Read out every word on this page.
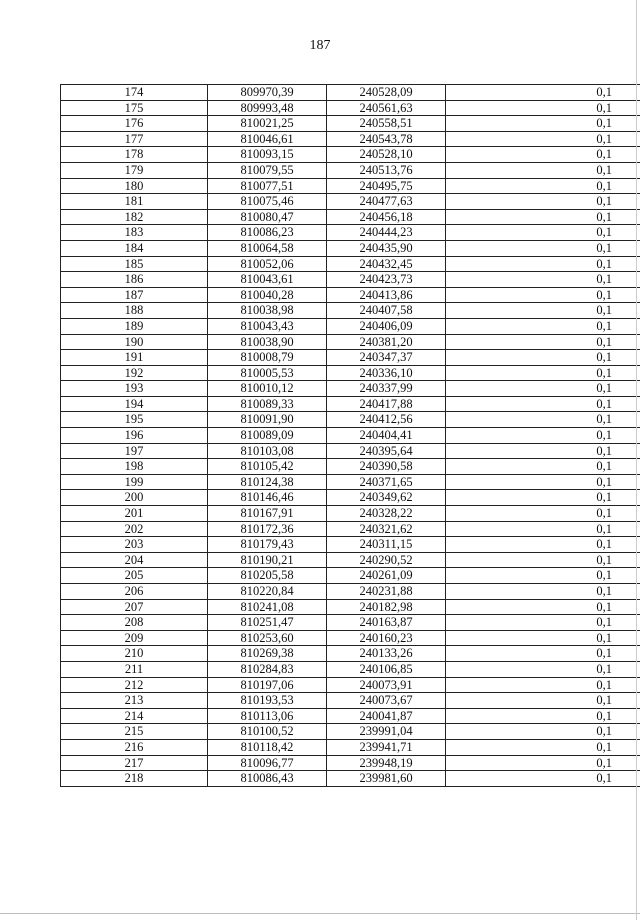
187
174	809970,39	240528,09	0,1
175	809993,48	240561,63	0,1
176	810021,25	240558,51	0,1
177	810046,61	240543,78	0,1
178	810093,15	240528,10	0,1
179	810079,55	240513,76	0,1
180	810077,51	240495,75	0,1
181	810075,46	240477,63	0,1
182	810080,47	240456,18	0,1
183	810086,23	240444,23	0,1
184	810064,58	240435,90	0,1
185	810052,06	240432,45	0,1
186	810043,61	240423,73	0,1
187	810040,28	240413,86	0,1
188	810038,98	240407,58	0,1
189	810043,43	240406,09	0,1
190	810038,90	240381,20	0,1
191	810008,79	240347,37	0,1
192	810005,53	240336,10	0,1
193	810010,12	240337,99	0,1
194	810089,33	240417,88	0,1
195	810091,90	240412,56	0,1
196	810089,09	240404,41	0,1
197	810103,08	240395,64	0,1
198	810105,42	240390,58	0,1
199	810124,38	240371,65	0,1
200	810146,46	240349,62	0,1
201	810167,91	240328,22	0,1
202	810172,36	240321,62	0,1
203	810179,43	240311,15	0,1
204	810190,21	240290,52	0,1
205	810205,58	240261,09	0,1
206	810220,84	240231,88	0,1
207	810241,08	240182,98	0,1
208	810251,47	240163,87	0,1
209	810253,60	240160,23	0,1
210	810269,38	240133,26	0,1
211	810284,83	240106,85	0,1
212	810197,06	240073,91	0,1
213	810193,53	240073,67	0,1
214	810113,06	240041,87	0,1
215	810100,52	239991,04	0,1
216	810118,42	239941,71	0,1
217	810096,77	239948,19	0,1
218	810086,43	239981,60	0,1
